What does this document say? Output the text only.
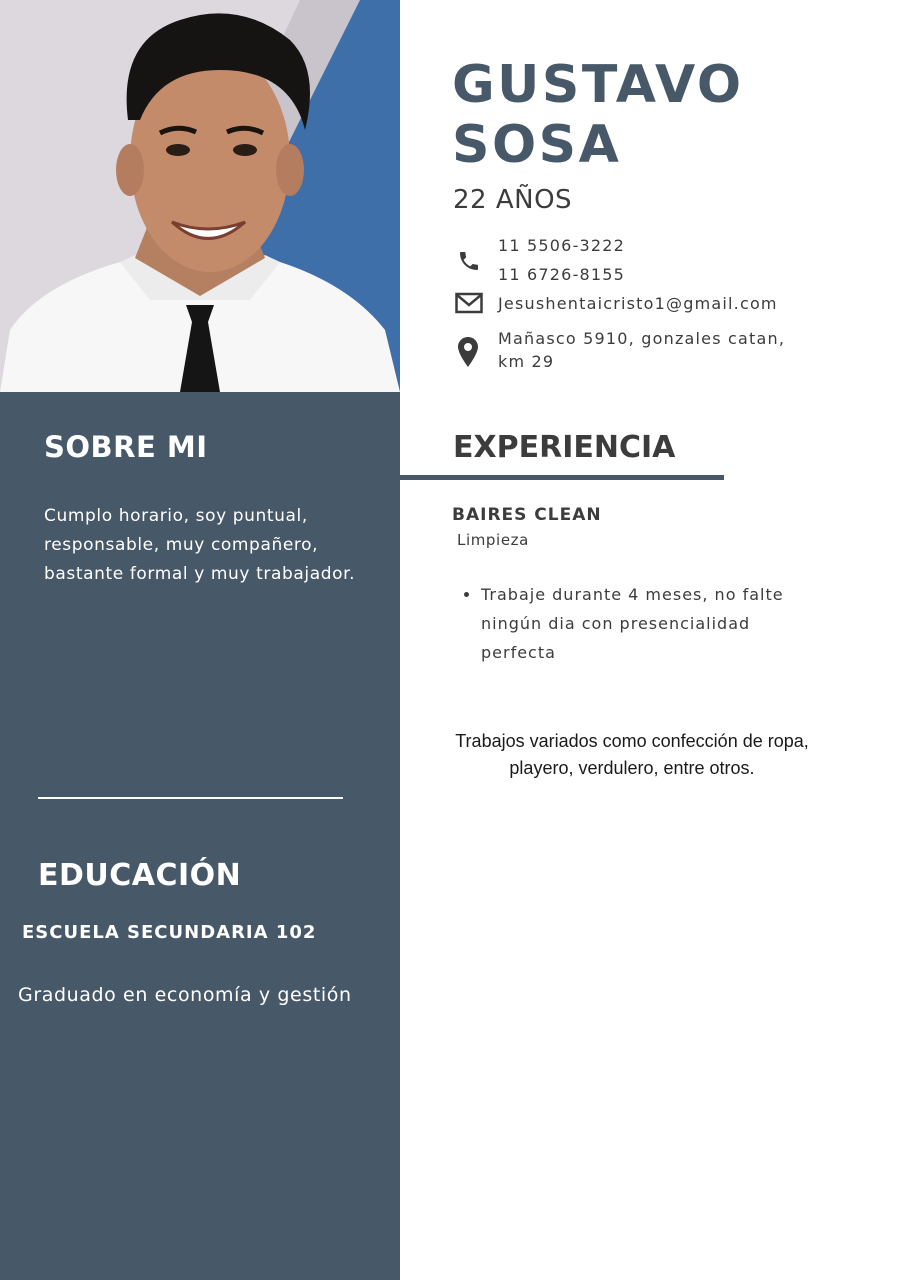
SOBRE MI

Cumplo horario, soy puntual, responsable, muy compañero, bastante formal y muy trabajador.

EDUCACIÓN

ESCUELA SECUNDARIA 102

Graduado en economía y gestión

GUSTAVO
SOSA

22 AÑOS

11 5506-3222

11 6726-8155

Jesushentaicristo1@gmail.com

Mañasco 5910, gonzales catan, km 29

EXPERIENCIA

BAIRES CLEAN

Limpieza

• Trabaje durante 4 meses, no falte ningún dia con presencialidad perfecta

Trabajos variados como confección de ropa, playero, verdulero, entre otros.
